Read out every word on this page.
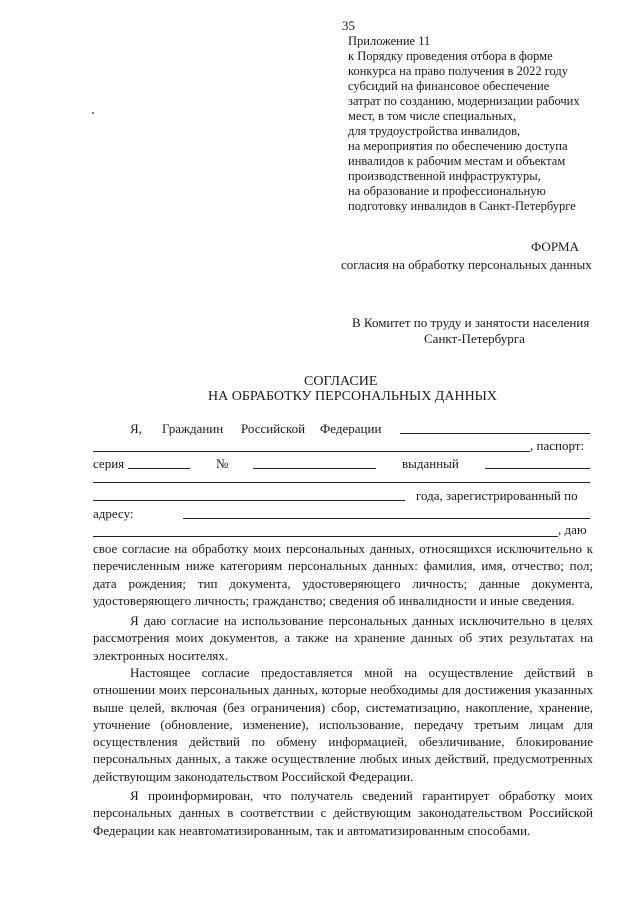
35
Приложение 11
к Порядку проведения отбора в форме
конкурса на право получения в 2022 году
субсидий на финансовое обеспечение
затрат по созданию, модернизации рабочих
мест, в том числе специальных,
для трудоустройства инвалидов,
на мероприятия по обеспечению доступа
инвалидов к рабочим местам и объектам
производственной инфраструктуры,
на образование и профессиональную
подготовку инвалидов в Санкт-Петербурге
ФОРМА
согласия на обработку персональных данных
В Комитет по труду и занятости населения
Санкт-Петербурга
СОГЛАСИЕ
НА ОБРАБОТКУ ПЕРСОНАЛЬНЫХ ДАННЫХ
Я, Гражданин Российской Федерации
, паспорт:
серия	№	выданный
года, зарегистрированный по
адресу:
, даю
свое согласие на обработку моих персональных данных, относящихся исключительно к перечисленным ниже категориям персональных данных: фамилия, имя, отчество; пол; дата рождения; тип документа, удостоверяющего личность; данные документа, удостоверяющего личность; гражданство; сведения об инвалидности и иные сведения.
Я даю согласие на использование персональных данных исключительно в целях рассмотрения моих документов, а также на хранение данных об этих результатах на электронных носителях.
Настоящее согласие предоставляется мной на осуществление действий в отношении моих персональных данных, которые необходимы для достижения указанных выше целей, включая (без ограничения) сбор, систематизацию, накопление, хранение, уточнение (обновление, изменение), использование, передачу третьим лицам для осуществления действий по обмену информацией, обезличивание, блокирование персональных данных, а также осуществление любых иных действий, предусмотренных действующим законодательством Российской Федерации.
Я проинформирован, что получатель сведений гарантирует обработку моих персональных данных в соответствии с действующим законодательством Российской Федерации как неавтоматизированным, так и автоматизированным способами.
